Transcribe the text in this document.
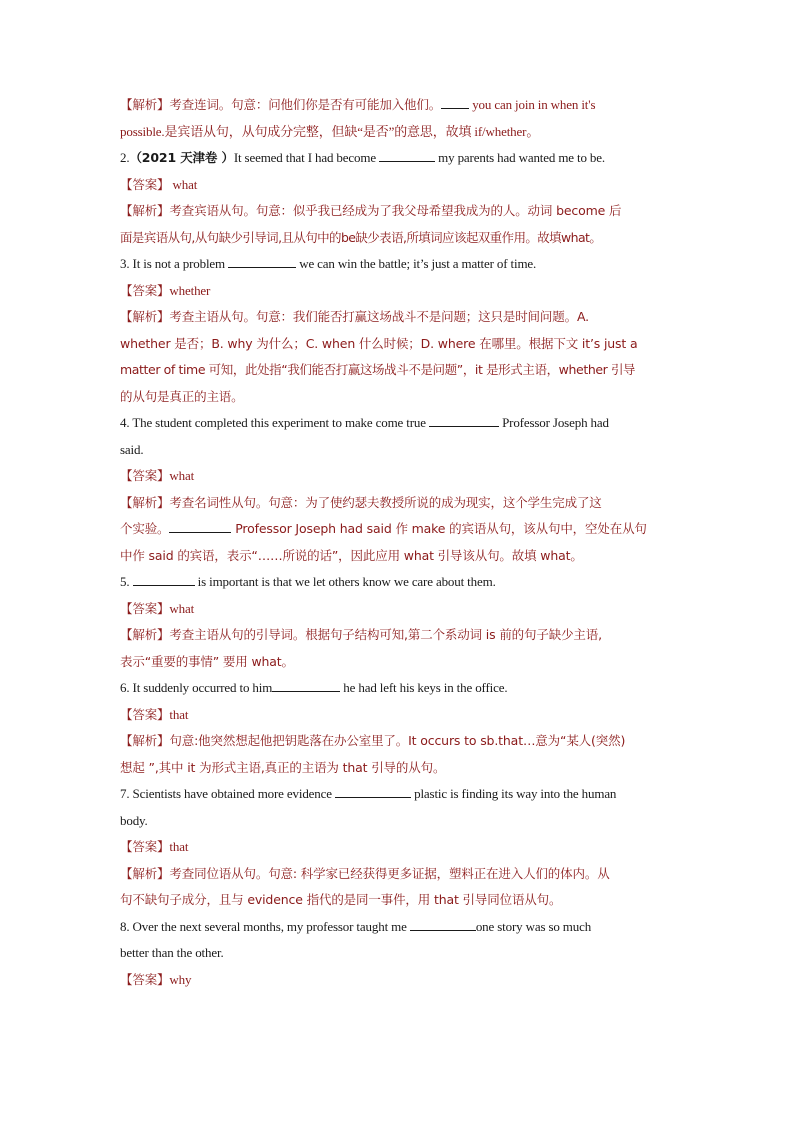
【解析】考查连词。句意：问他们你是否有可能加入他们。 you can join in when it's
possible.是宾语从句，从句成分完整，但缺“是否”的意思，故填 if/whether。
2.（2021 天津卷 ）It seemed that I had become	my parents had wanted me to be.
【答案】 what
【解析】考查宾语从句。句意：似乎我已经成为了我父母希望我成为的人。动词 become 后
面是宾语从句,从句缺少引导词,且从句中的be缺少表语,所填词应该起双重作用。故填what。
3. It is not a problem	we can win the battle; it’s just a matter of time.
【答案】whether
【解析】考查主语从句。句意：我们能否打赢这场战斗不是问题；这只是时间问题。A.
whether 是否；B. why 为什么；C. when 什么时候；D. where 在哪里。根据下文 it’s just a
matter of time 可知，此处指“我们能否打赢这场战斗不是问题”，it 是形式主语，whether 引导
的从句是真正的主语。
4. The student completed this experiment to make come true	Professor Joseph had
said.
【答案】what
【解析】考查名词性从句。句意：为了使约瑟夫教授所说的成为现实，这个学生完成了这
个实验。	Professor Joseph had said 作 make 的宾语从句，该从句中，空处在从句
中作 said 的宾语，表示“……所说的话”，因此应用 what 引导该从句。故填 what。
5.	is important is that we let others know we care about them.
【答案】what
【解析】考查主语从句的引导词。根据句子结构可知,第二个系动词 is 前的句子缺少主语,
表示“重要的事情” 要用 what。
6. It suddenly occurred to him	he had left his keys in the office.
【答案】that
【解析】句意:他突然想起他把钥匙落在办公室里了。It occurs to sb.that…意为“某人(突然)
想起 ”,其中 it 为形式主语,真正的主语为 that 引导的从句。
7. Scientists have obtained more evidence	plastic is finding its way into the human
body.
【答案】that
【解析】考查同位语从句。句意: 科学家已经获得更多证据，塑料正在进入人们的体内。从
句不缺句子成分，且与 evidence 指代的是同一事件，用 that 引导同位语从句。
8. Over the next several months, my professor taught me	one story was so much
better than the other.
【答案】why
